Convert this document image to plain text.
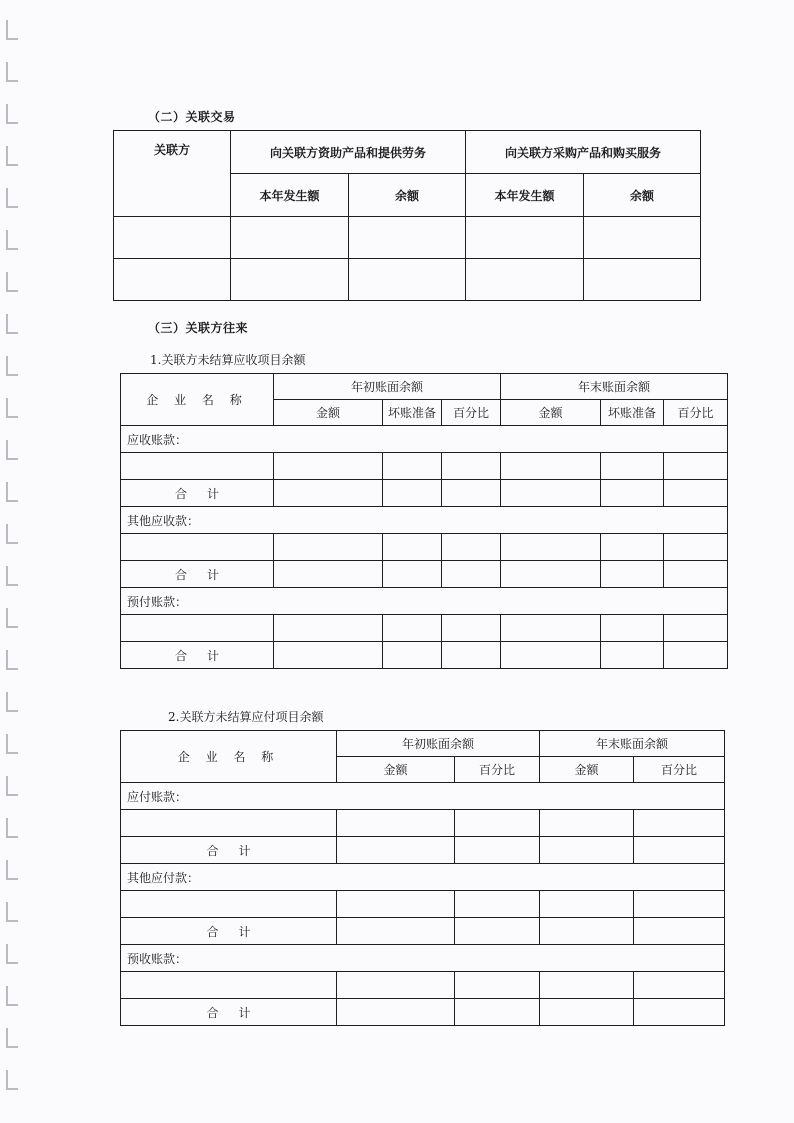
（二）关联交易
关联方	向关联方资助产品和提供劳务		向关联方采购产品和购买服务	
	本年发生额	余额	本年发生额	余额

（三）关联方往来
1.关联方未结算应收项目余额
企 业 名 称	年初账面余额			年末账面余额		
	金额	坏账准备	百分比	金额	坏账准备	百分比
应收账款：						

合计						
其他应收款：						

合计						
预付账款：						

合计						
2.关联方未结算应付项目余额
企 业 名 称	年初账面余额		年末账面余额	
	金额	百分比	金额	百分比
应付账款：				

合计				
其他应付款：				

合计				
预收账款：				

合计				
